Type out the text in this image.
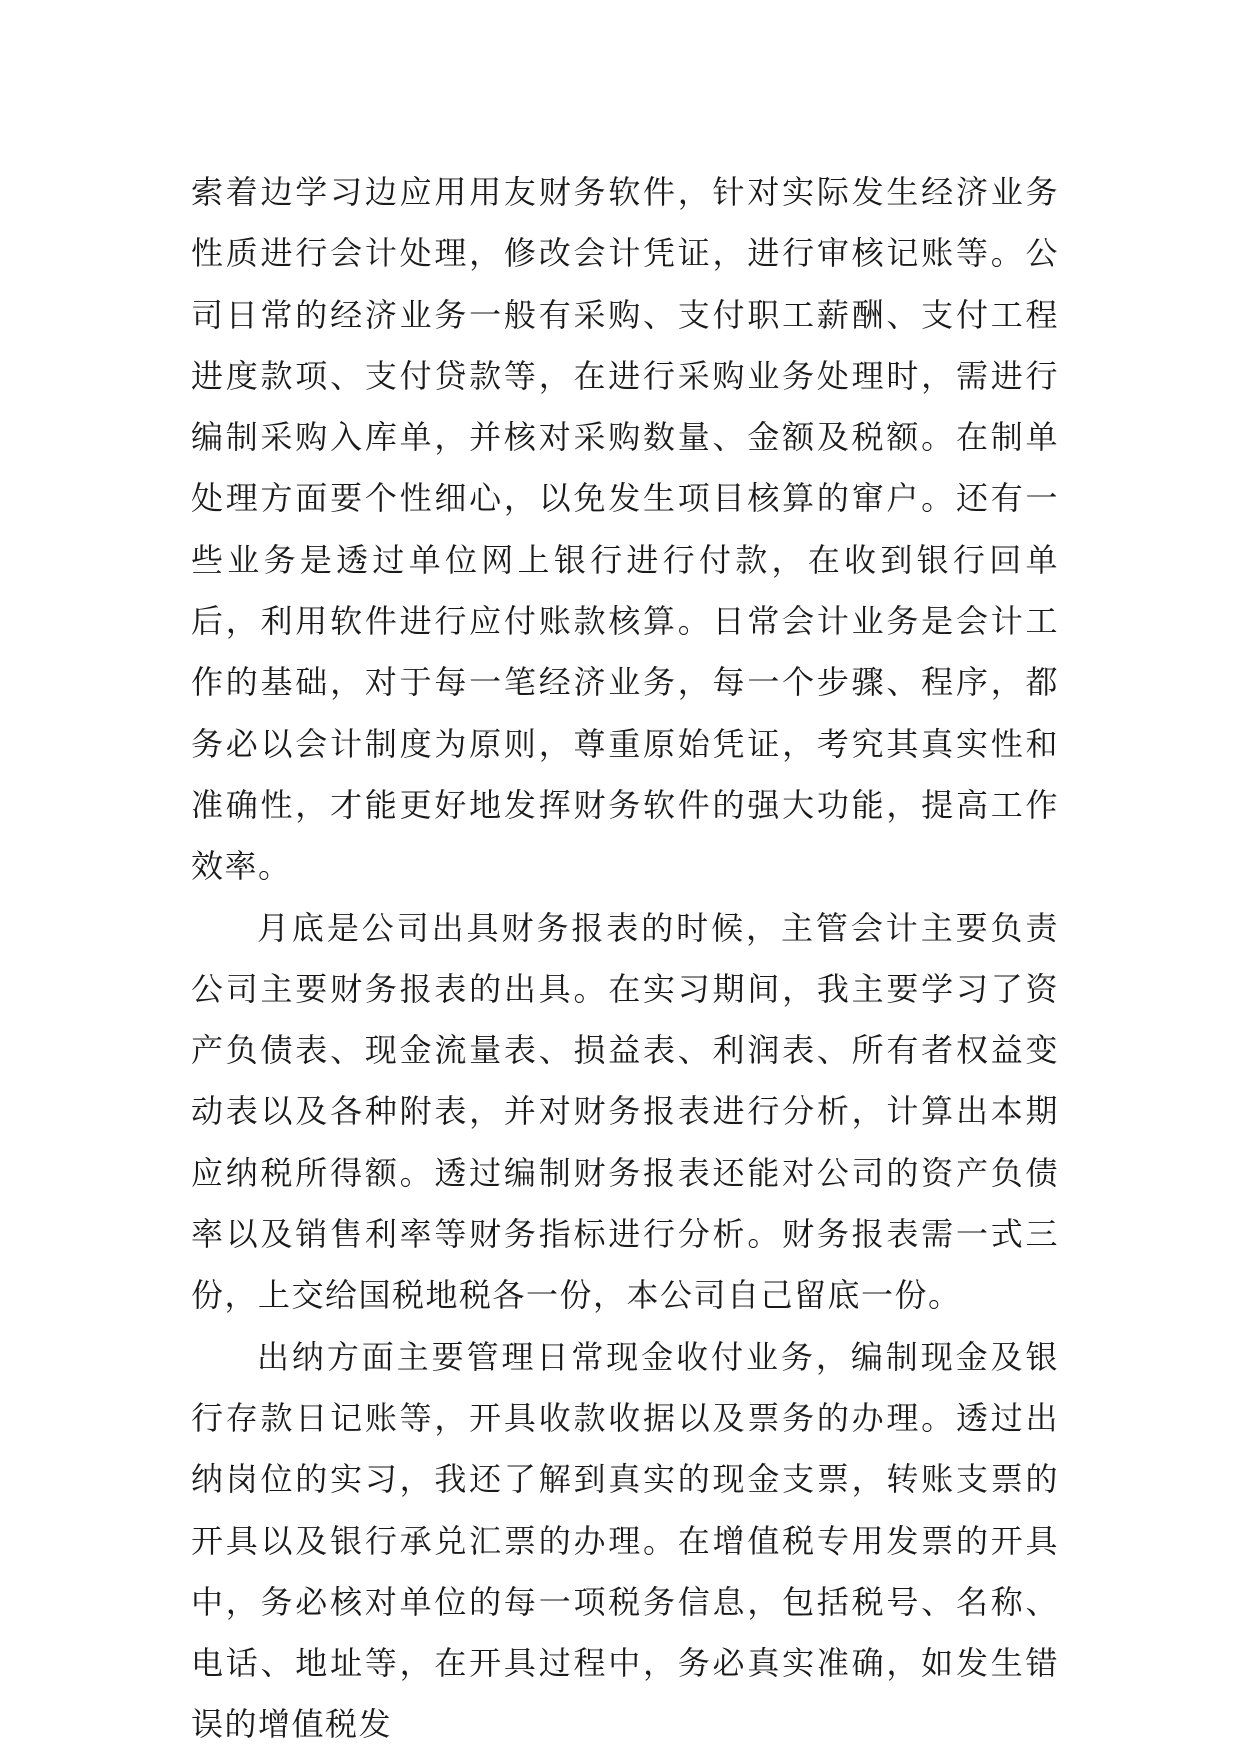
索着边学习边应用用友财务软件，针对实际发生经济业务性质进行会计处理，修改会计凭证，进行审核记账等。公司日常的经济业务一般有采购、支付职工薪酬、支付工程进度款项、支付贷款等，在进行采购业务处理时，需进行编制采购入库单，并核对采购数量、金额及税额。在制单处理方面要个性细心，以免发生项目核算的窜户。还有一些业务是透过单位网上银行进行付款，在收到银行回单后，利用软件进行应付账款核算。日常会计业务是会计工作的基础，对于每一笔经济业务，每一个步骤、程序，都务必以会计制度为原则，尊重原始凭证，考究其真实性和准确性，才能更好地发挥财务软件的强大功能，提高工作效率。

月底是公司出具财务报表的时候，主管会计主要负责公司主要财务报表的出具。在实习期间，我主要学习了资产负债表、现金流量表、损益表、利润表、所有者权益变动表以及各种附表，并对财务报表进行分析，计算出本期应纳税所得额。透过编制财务报表还能对公司的资产负债率以及销售利率等财务指标进行分析。财务报表需一式三份，上交给国税地税各一份，本公司自己留底一份。

出纳方面主要管理日常现金收付业务，编制现金及银行存款日记账等，开具收款收据以及票务的办理。透过出纳岗位的实习，我还了解到真实的现金支票，转账支票的开具以及银行承兑汇票的办理。在增值税专用发票的开具中，务必核对单位的每一项税务信息，包括税号、名称、电话、地址等，在开具过程中，务必真实准确，如发生错误的增值税发
